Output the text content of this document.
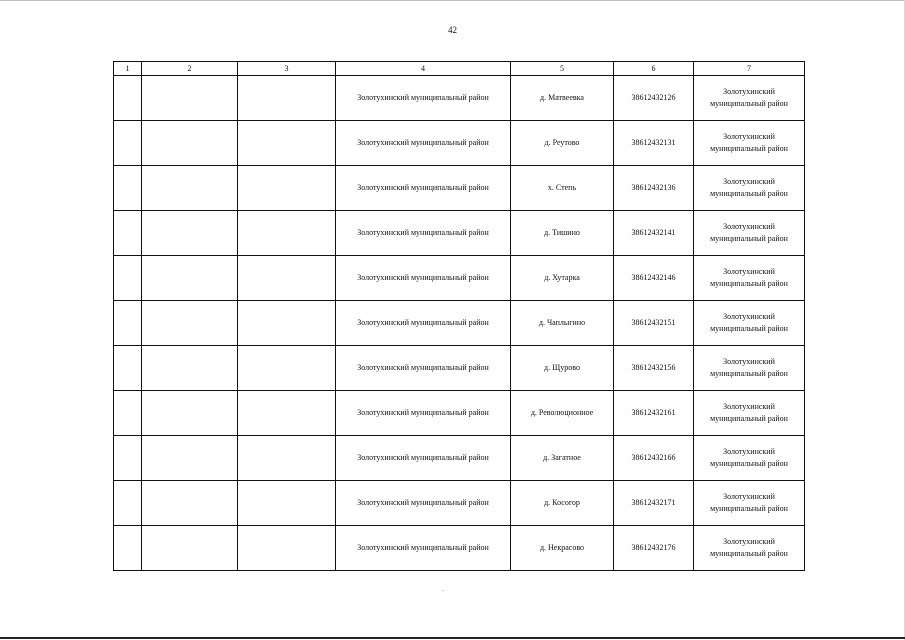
42
1	2	3	4	5	6	7
			Золотухинский муниципальный район	д. Матвеевка	38612432126	Золотухинский муниципальный район
			Золотухинский муниципальный район	д. Реутово	38612432131	Золотухинский муниципальный район
			Золотухинский муниципальный район	х. Степь	38612432136	Золотухинский муниципальный район
			Золотухинский муниципальный район	д. Тишино	38612432141	Золотухинский муниципальный район
			Золотухинский муниципальный район	д. Хутарка	38612432146	Золотухинский муниципальный район
			Золотухинский муниципальный район	д. Чаплыгино	38612432151	Золотухинский муниципальный район
			Золотухинский муниципальный район	д. Щурово	38612432156	Золотухинский муниципальный район
			Золотухинский муниципальный район	д. Революционное	38612432161	Золотухинский муниципальный район
			Золотухинский муниципальный район	д. Загатное	38612432166	Золотухинский муниципальный район
			Золотухинский муниципальный район	д. Косогор	38612432171	Золотухинский муниципальный район
			Золотухинский муниципальный район	д. Некрасово	38612432176	Золотухинский муниципальный район
